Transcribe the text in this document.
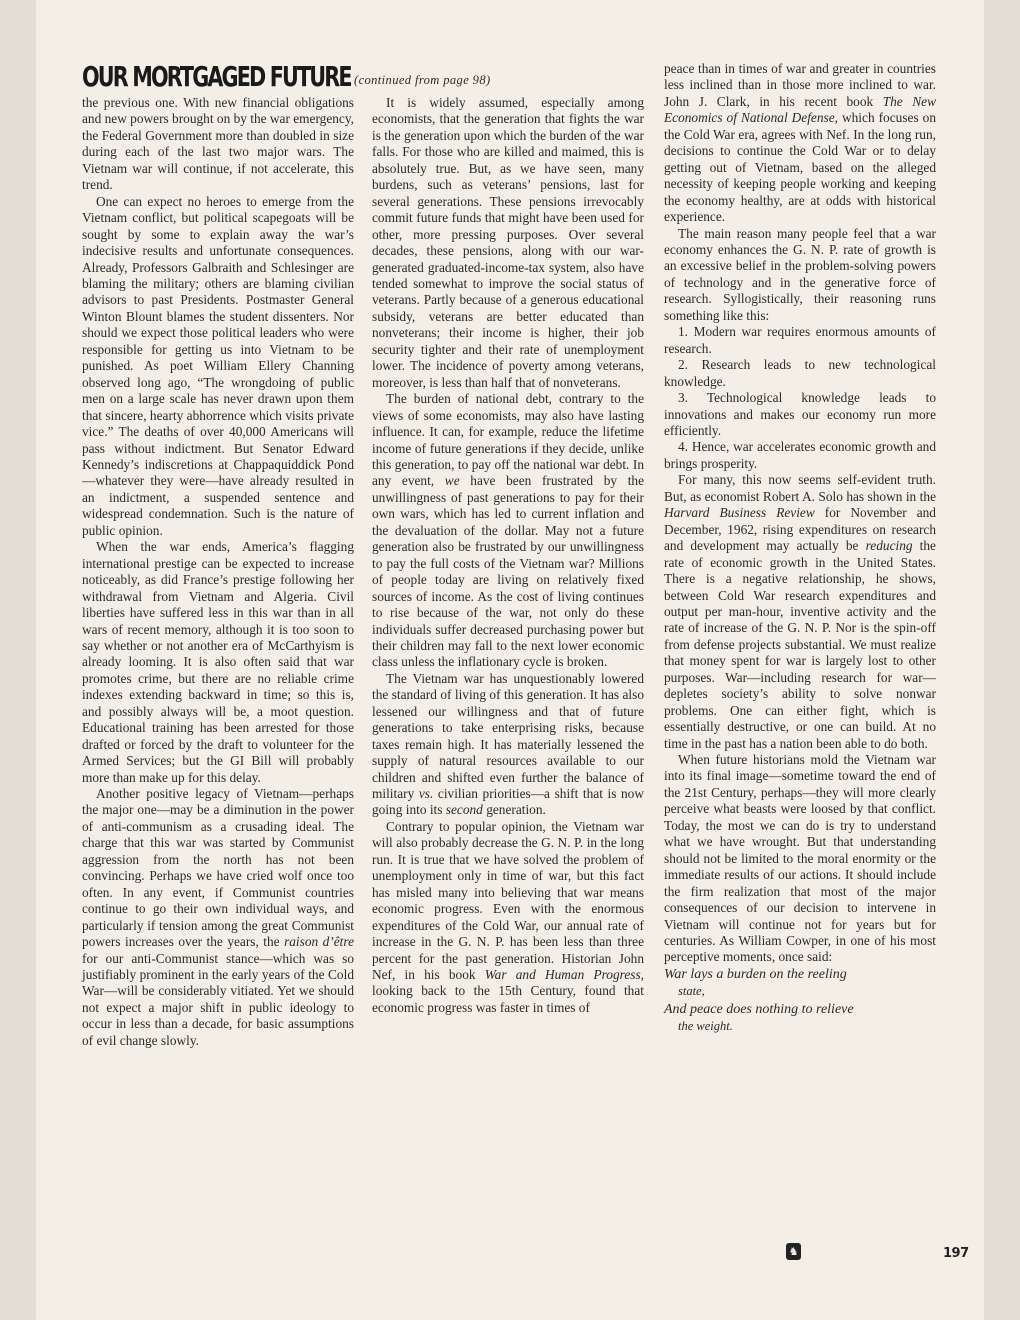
OUR MORTGAGED FUTURE (continued from page 98)

the previous one. With new financial obligations and new powers brought on by the war emergency, the Federal Government more than doubled in size during each of the last two major wars. The Vietnam war will continue, if not accelerate, this trend.

One can expect no heroes to emerge from the Vietnam conflict, but political scapegoats will be sought by some to explain away the war’s indecisive results and unfortunate consequences. Already, Professors Galbraith and Schlesinger are blaming the military; others are blaming civilian advisors to past Presidents. Postmaster General Winton Blount blames the student dissenters. Nor should we expect those political leaders who were responsible for getting us into Vietnam to be punished. As poet William Ellery Channing observed long ago, “The wrongdoing of public men on a large scale has never drawn upon them that sincere, hearty abhorrence which visits private vice.” The deaths of over 40,000 Americans will pass without indictment. But Senator Edward Kennedy’s indiscretions at Chappaquiddick Pond—whatever they were—have already resulted in an indictment, a suspended sentence and widespread condemnation. Such is the nature of public opinion.

When the war ends, America’s flagging international prestige can be expected to increase noticeably, as did France’s prestige following her withdrawal from Vietnam and Algeria. Civil liberties have suffered less in this war than in all wars of recent memory, although it is too soon to say whether or not another era of McCarthyism is already looming. It is also often said that war promotes crime, but there are no reliable crime indexes extending backward in time; so this is, and possibly always will be, a moot question. Educational training has been arrested for those drafted or forced by the draft to volunteer for the Armed Services; but the GI Bill will probably more than make up for this delay.

Another positive legacy of Vietnam—perhaps the major one—may be a diminution in the power of anti-communism as a crusading ideal. The charge that this war was started by Communist aggression from the north has not been convincing. Perhaps we have cried wolf once too often. In any event, if Communist countries continue to go their own individual ways, and particularly if tension among the great Communist powers increases over the years, the raison d’être for our anti-Communist stance—which was so justifiably prominent in the early years of the Cold War—will be considerably vitiated. Yet we should not expect a major shift in public ideology to occur in less than a decade, for basic assumptions of evil change slowly.

It is widely assumed, especially among economists, that the generation that fights the war is the generation upon which the burden of the war falls. For those who are killed and maimed, this is absolutely true. But, as we have seen, many burdens, such as veterans’ pensions, last for several generations. These pensions irrevocably commit future funds that might have been used for other, more pressing purposes. Over several decades, these pensions, along with our war-generated graduated-income-tax system, also have tended somewhat to improve the social status of veterans. Partly because of a generous educational subsidy, veterans are better educated than nonveterans; their income is higher, their job security tighter and their rate of unemployment lower. The incidence of poverty among veterans, moreover, is less than half that of nonveterans.

The burden of national debt, contrary to the views of some economists, may also have lasting influence. It can, for example, reduce the lifetime income of future generations if they decide, unlike this generation, to pay off the national war debt. In any event, we have been frustrated by the unwillingness of past generations to pay for their own wars, which has led to current inflation and the devaluation of the dollar. May not a future generation also be frustrated by our unwillingness to pay the full costs of the Vietnam war? Millions of people today are living on relatively fixed sources of income. As the cost of living continues to rise because of the war, not only do these individuals suffer decreased purchasing power but their children may fall to the next lower economic class unless the inflationary cycle is broken.

The Vietnam war has unquestionably lowered the standard of living of this generation. It has also lessened our willingness and that of future generations to take enterprising risks, because taxes remain high. It has materially lessened the supply of natural resources available to our children and shifted even further the balance of military vs. civilian priorities—a shift that is now going into its second generation.

Contrary to popular opinion, the Vietnam war will also probably decrease the G. N. P. in the long run. It is true that we have solved the problem of unemployment only in time of war, but this fact has misled many into believing that war means economic progress. Even with the enormous expenditures of the Cold War, our annual rate of increase in the G. N. P. has been less than three percent for the past generation. Historian John Nef, in his book War and Human Progress, looking back to the 15th Century, found that economic progress was faster in times of

peace than in times of war and greater in countries less inclined than in those more inclined to war. John J. Clark, in his recent book The New Economics of National Defense, which focuses on the Cold War era, agrees with Nef. In the long run, decisions to continue the Cold War or to delay getting out of Vietnam, based on the alleged necessity of keeping people working and keeping the economy healthy, are at odds with historical experience.

The main reason many people feel that a war economy enhances the G. N. P. rate of growth is an excessive belief in the problem-solving powers of technology and in the generative force of research. Syllogistically, their reasoning runs something like this:

1. Modern war requires enormous amounts of research.

2. Research leads to new technological knowledge.

3. Technological knowledge leads to innovations and makes our economy run more efficiently.

4. Hence, war accelerates economic growth and brings prosperity.

For many, this now seems self-evident truth. But, as economist Robert A. Solo has shown in the Harvard Business Review for November and December, 1962, rising expenditures on research and development may actually be reducing the rate of economic growth in the United States. There is a negative relationship, he shows, between Cold War research expenditures and output per man-hour, inventive activity and the rate of increase of the G. N. P. Nor is the spin-off from defense projects substantial. We must realize that money spent for war is largely lost to other purposes. War—including research for war—depletes society’s ability to solve nonwar problems. One can either fight, which is essentially destructive, or one can build. At no time in the past has a nation been able to do both.

When future historians mold the Vietnam war into its final image—sometime toward the end of the 21st Century, perhaps—they will more clearly perceive what beasts were loosed by that conflict. Today, the most we can do is try to understand what we have wrought. But that understanding should not be limited to the moral enormity or the immediate results of our actions. It should include the firm realization that most of the major consequences of our decision to intervene in Vietnam will continue not for years but for centuries. As William Cowper, in one of his most perceptive moments, once said:

War lays a burden on the reeling
state,
And peace does nothing to relieve
the weight.

♞	197
